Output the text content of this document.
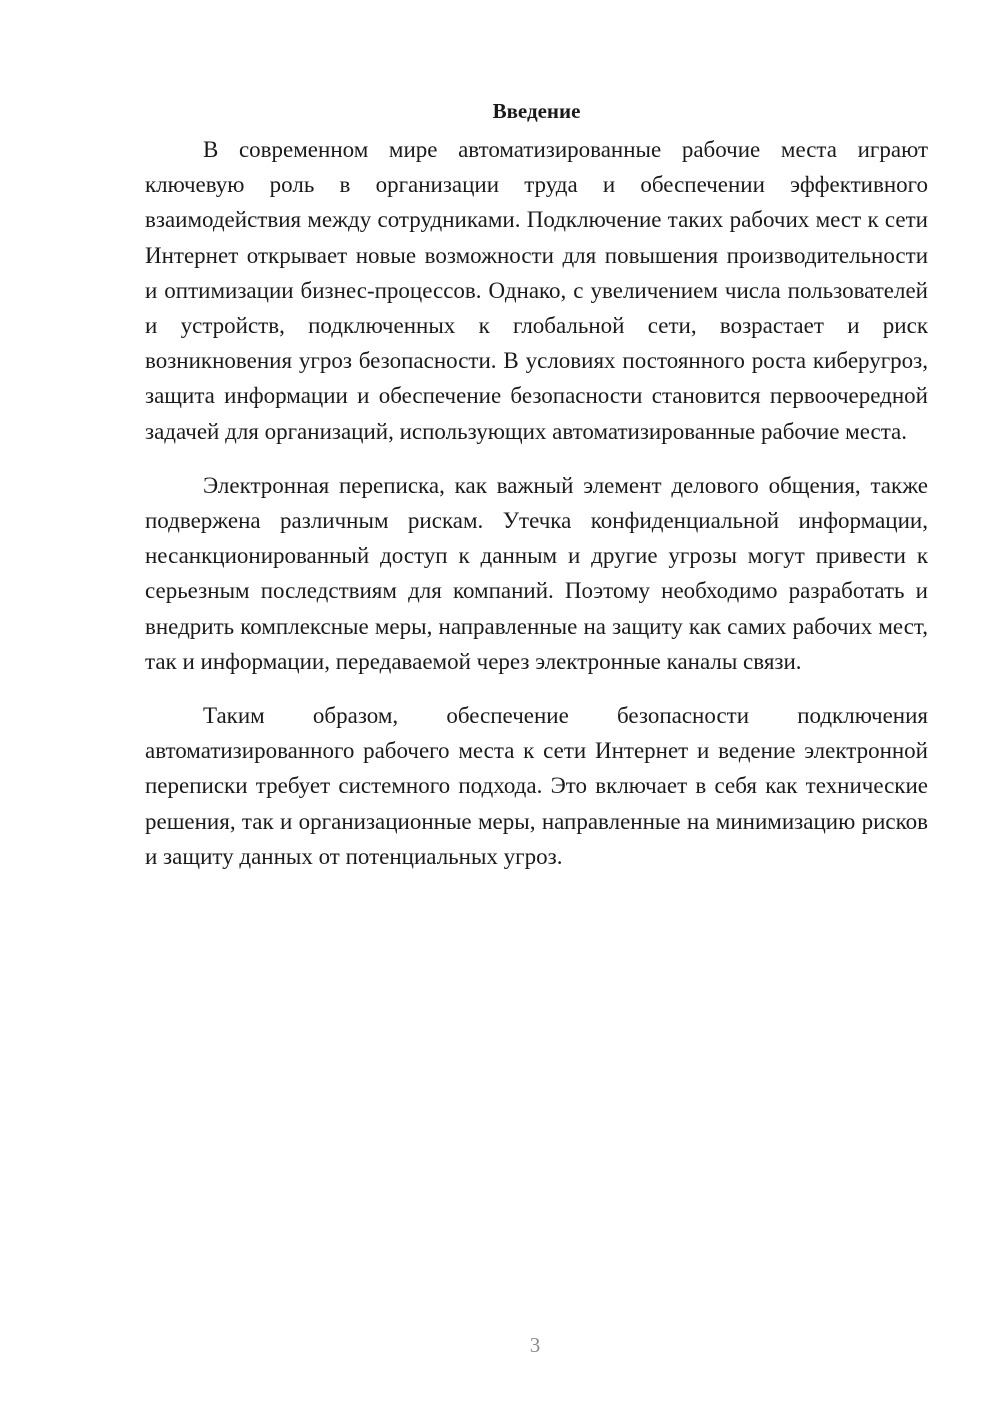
Введение

В современном мире автоматизированные рабочие места играют ключевую роль в организации труда и обеспечении эффективного взаимодействия между сотрудниками. Подключение таких рабочих мест к сети Интернет открывает новые возможности для повышения производительности и оптимизации бизнес-процессов. Однако, с увеличением числа пользователей и устройств, подключенных к глобальной сети, возрастает и риск возникновения угроз безопасности. В условиях постоянного роста киберугроз, защита информации и обеспечение безопасности становится первоочередной задачей для организаций, использующих автоматизированные рабочие места.

Электронная переписка, как важный элемент делового общения, также подвержена различным рискам. Утечка конфиденциальной информации, несанкционированный доступ к данным и другие угрозы могут привести к серьезным последствиям для компаний. Поэтому необходимо разработать и внедрить комплексные меры, направленные на защиту как самих рабочих мест, так и информации, передаваемой через электронные каналы связи.

Таким образом, обеспечение безопасности подключения автоматизированного рабочего места к сети Интернет и ведение электронной переписки требует системного подхода. Это включает в себя как технические решения, так и организационные меры, направленные на минимизацию рисков и защиту данных от потенциальных угроз.

3
